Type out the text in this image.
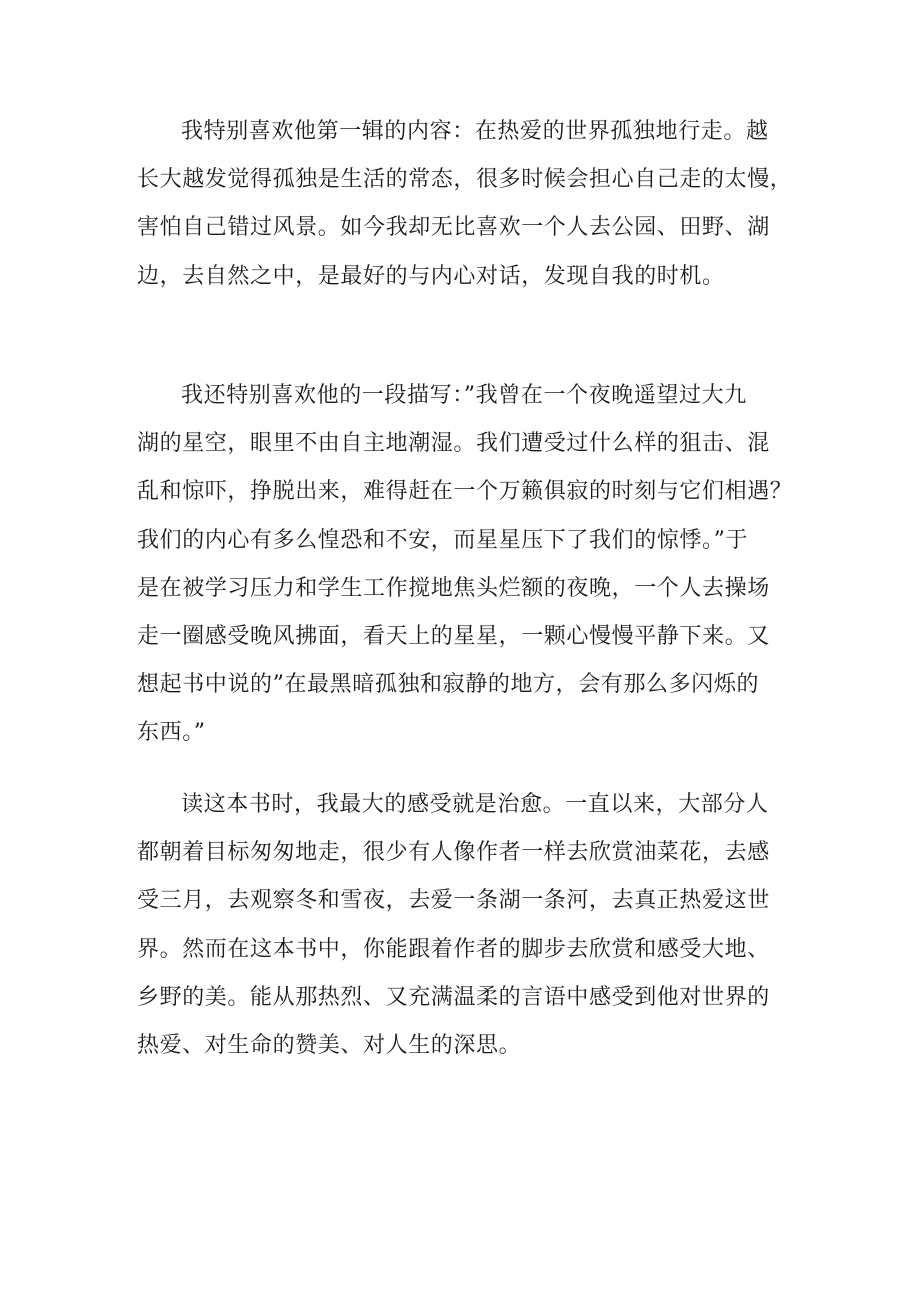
我特别喜欢他第一辑的内容：在热爱的世界孤独地行走。越
长大越发觉得孤独是生活的常态，很多时候会担心自己走的太慢，
害怕自己错过风景。如今我却无比喜欢一个人去公园、田野、湖
边，去自然之中，是最好的与内心对话，发现自我的时机。
我还特别喜欢他的一段描写：”我曾在一个夜晚遥望过大九
湖的星空，眼里不由自主地潮湿。我们遭受过什么样的狙击、混
乱和惊吓，挣脱出来，难得赶在一个万籁俱寂的时刻与它们相遇？
我们的内心有多么惶恐和不安，而星星压下了我们的惊悸。”于
是在被学习压力和学生工作搅地焦头烂额的夜晚，一个人去操场
走一圈感受晚风拂面，看天上的星星，一颗心慢慢平静下来。又
想起书中说的”在最黑暗孤独和寂静的地方，会有那么多闪烁的
东西。”
读这本书时，我最大的感受就是治愈。一直以来，大部分人
都朝着目标匆匆地走，很少有人像作者一样去欣赏油菜花，去感
受三月，去观察冬和雪夜，去爱一条湖一条河，去真正热爱这世
界。然而在这本书中，你能跟着作者的脚步去欣赏和感受大地、
乡野的美。能从那热烈、又充满温柔的言语中感受到他对世界的
热爱、对生命的赞美、对人生的深思。
